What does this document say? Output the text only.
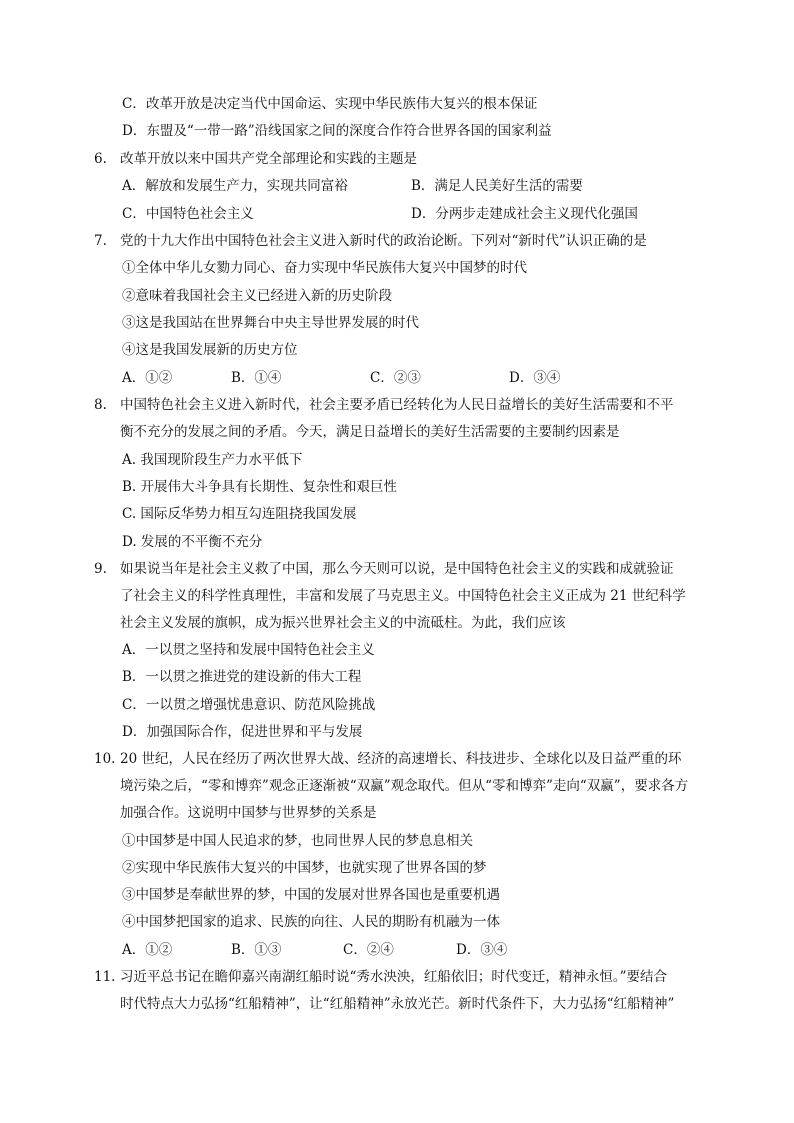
C．改革开放是决定当代中国命运、实现中华民族伟大复兴的根本保证
D．东盟及“一带一路”沿线国家之间的深度合作符合世界各国的国家利益
6. 改革开放以来中国共产党全部理论和实践的主题是
A．解放和发展生产力，实现共同富裕	B．满足人民美好生活的需要
C．中国特色社会主义	D．分两步走建成社会主义现代化强国
7. 党的十九大作出中国特色社会主义进入新时代的政治论断。下列对“新时代”认识正确的是
①全体中华儿女勠力同心、奋力实现中华民族伟大复兴中国梦的时代
②意味着我国社会主义已经进入新的历史阶段
③这是我国站在世界舞台中央主导世界发展的时代
④这是我国发展新的历史方位
A．①②	B．①④	C．②③	D．③④
8. 中国特色社会主义进入新时代，社会主要矛盾已经转化为人民日益增长的美好生活需要和不平
衡不充分的发展之间的矛盾。今天，满足日益增长的美好生活需要的主要制约因素是
A. 我国现阶段生产力水平低下
B. 开展伟大斗争具有长期性、复杂性和艰巨性
C. 国际反华势力相互勾连阻挠我国发展
D. 发展的不平衡不充分
9. 如果说当年是社会主义救了中国，那么今天则可以说，是中国特色社会主义的实践和成就验证
了社会主义的科学性真理性，丰富和发展了马克思主义。中国特色社会主义正成为 21 世纪科学
社会主义发展的旗帜，成为振兴世界社会主义的中流砥柱。为此，我们应该
A．一以贯之坚持和发展中国特色社会主义
B．一以贯之推进党的建设新的伟大工程
C．一以贯之增强忧患意识、防范风险挑战
D．加强国际合作，促进世界和平与发展
10. 20 世纪，人民在经历了两次世界大战、经济的高速增长、科技进步、全球化以及日益严重的环
境污染之后，“零和博弈”观念正逐渐被“双赢”观念取代。但从“零和博弈”走向“双赢”，要求各方
加强合作。这说明中国梦与世界梦的关系是
①中国梦是中国人民追求的梦，也同世界人民的梦息息相关
②实现中华民族伟大复兴的中国梦，也就实现了世界各国的梦
③中国梦是奉献世界的梦，中国的发展对世界各国也是重要机遇
④中国梦把国家的追求、民族的向往、人民的期盼有机融为一体
A．①②	B．①③	C．②④	D．③④
11. 习近平总书记在瞻仰嘉兴南湖红船时说“秀水泱泱，红船依旧；时代变迁，精神永恒。”要结合
时代特点大力弘扬“红船精神”，让“红船精神”永放光芒。新时代条件下，大力弘扬“红船精神”
